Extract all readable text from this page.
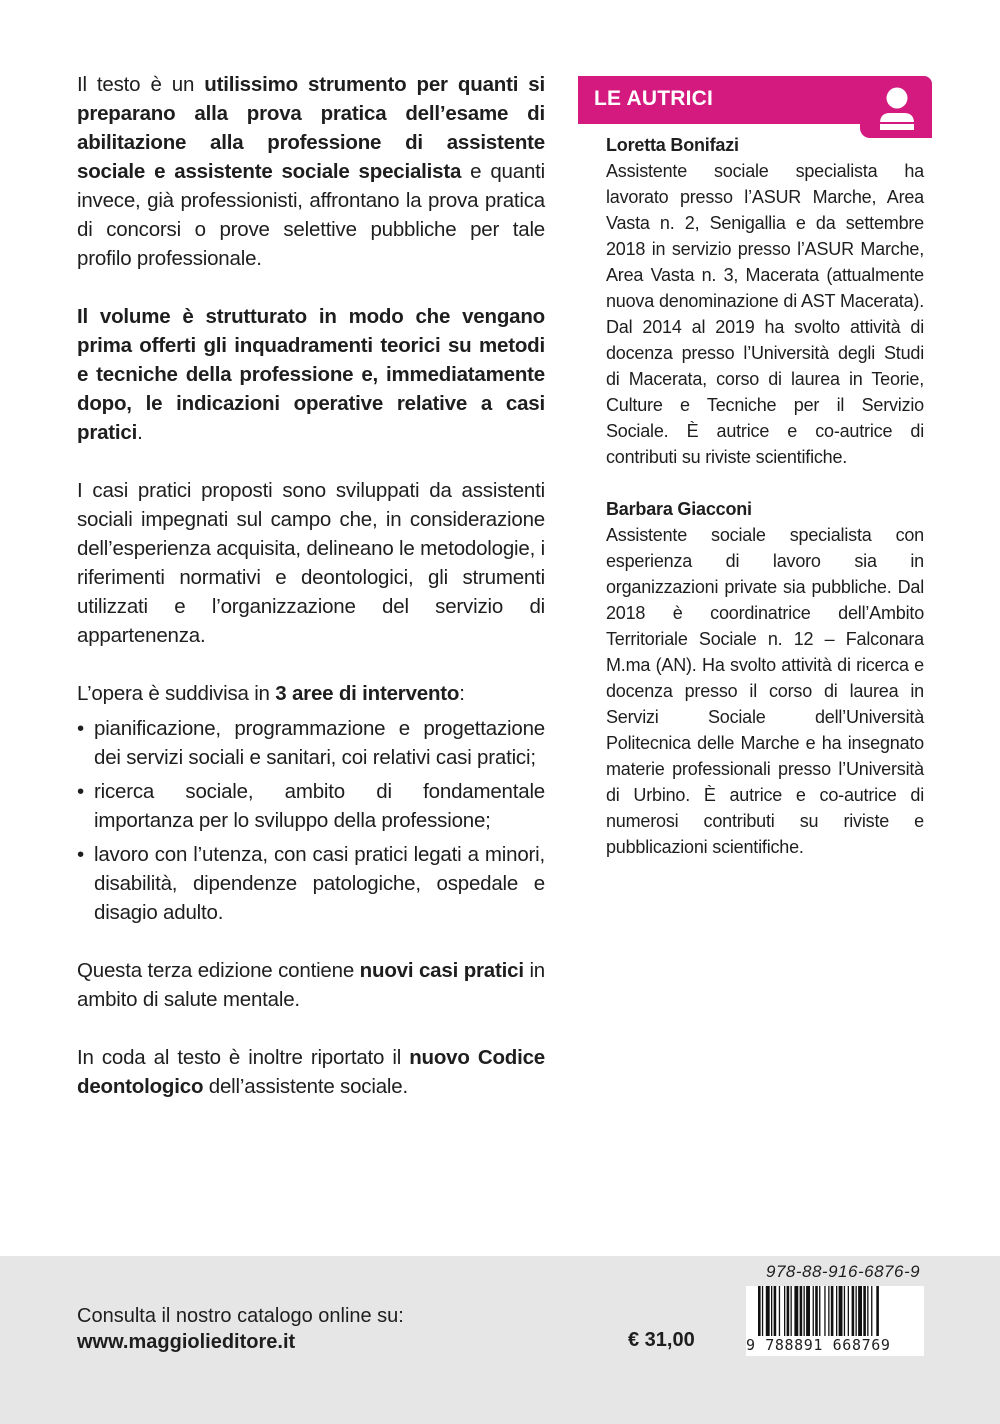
Il testo è un utilissimo strumento per quanti si preparano alla prova pratica dell’esame di abilitazione alla professione di assistente sociale e assistente sociale specialista e quanti invece, già professionisti, affrontano la prova pratica di concorsi o prove selettive pubbliche per tale profilo professionale.

Il volume è strutturato in modo che vengano prima offerti gli inquadramenti teorici su metodi e tecniche della professione e, immediatamente dopo, le indicazioni operative relative a casi pratici.

I casi pratici proposti sono sviluppati da assistenti sociali impegnati sul campo che, in considerazione dell’esperienza acquisita, delineano le metodologie, i riferimenti normativi e deontologici, gli strumenti utilizzati e l’organizzazione del servizio di appartenenza.

L’opera è suddivisa in 3 aree di intervento:

• pianificazione, programmazione e progettazione dei servizi sociali e sanitari, coi relativi casi pratici;
• ricerca sociale, ambito di fondamentale importanza per lo sviluppo della professione;
• lavoro con l’utenza, con casi pratici legati a minori, disabilità, dipendenze patologiche, ospedale e disagio adulto.

Questa terza edizione contiene nuovi casi pratici in ambito di salute mentale.

In coda al testo è inoltre riportato il nuovo Codice deontologico dell’assistente sociale.

LE AUTRICI

Loretta Bonifazi

Assistente sociale specialista ha lavorato presso l’ASUR Marche, Area Vasta n. 2, Senigallia e da settembre 2018 in servizio presso l’ASUR Marche, Area Vasta n. 3, Macerata (attualmente nuova denominazione di AST Macerata). Dal 2014 al 2019 ha svolto attività di docenza presso l’Università degli Studi di Macerata, corso di laurea in Teorie, Culture e Tecniche per il Servizio Sociale. È autrice e co-autrice di contributi su riviste scientifiche.

Barbara Giacconi

Assistente sociale specialista con esperienza di lavoro sia in organizzazioni private sia pubbliche. Dal 2018 è coordinatrice dell’Ambito Territoriale Sociale n. 12 – Falconara M.ma (AN). Ha svolto attività di ricerca e docenza presso il corso di laurea in Servizi Sociale dell’Università Politecnica delle Marche e ha insegnato materie professionali presso l’Università di Urbino. È autrice e co-autrice di numerosi contributi su riviste e pubblicazioni scientifiche.

Consulta il nostro catalogo online su:
www.maggiolieditore.it	€ 31,00
978-88-916-6876-9
9 788891 668769
